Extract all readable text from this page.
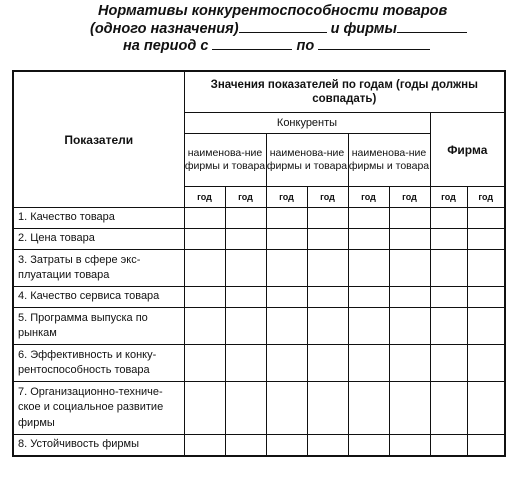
Нормативы конкурентоспособности товаров
(одного назначения)	и фирмы
на период с	по
Показатели	Значения показателей по годам (годы должны совпадать)							
	Конкуренты						Фирма	
	наименова-ние фирмы и товара		наименова-ние фирмы и товара		наименова-ние фирмы и товара			
	год	год	год	год	год	год	год	год
1. Качество товара								
2. Цена товара								
3. Затраты в сфере экс-плуатации товара								
4. Качество сервиса товара								
5. Программа выпуска по рынкам								
6. Эффективность и конку-рентоспособность товара								
7. Организационно-техниче-ское и социальное развитие фирмы								
8. Устойчивость фирмы								
